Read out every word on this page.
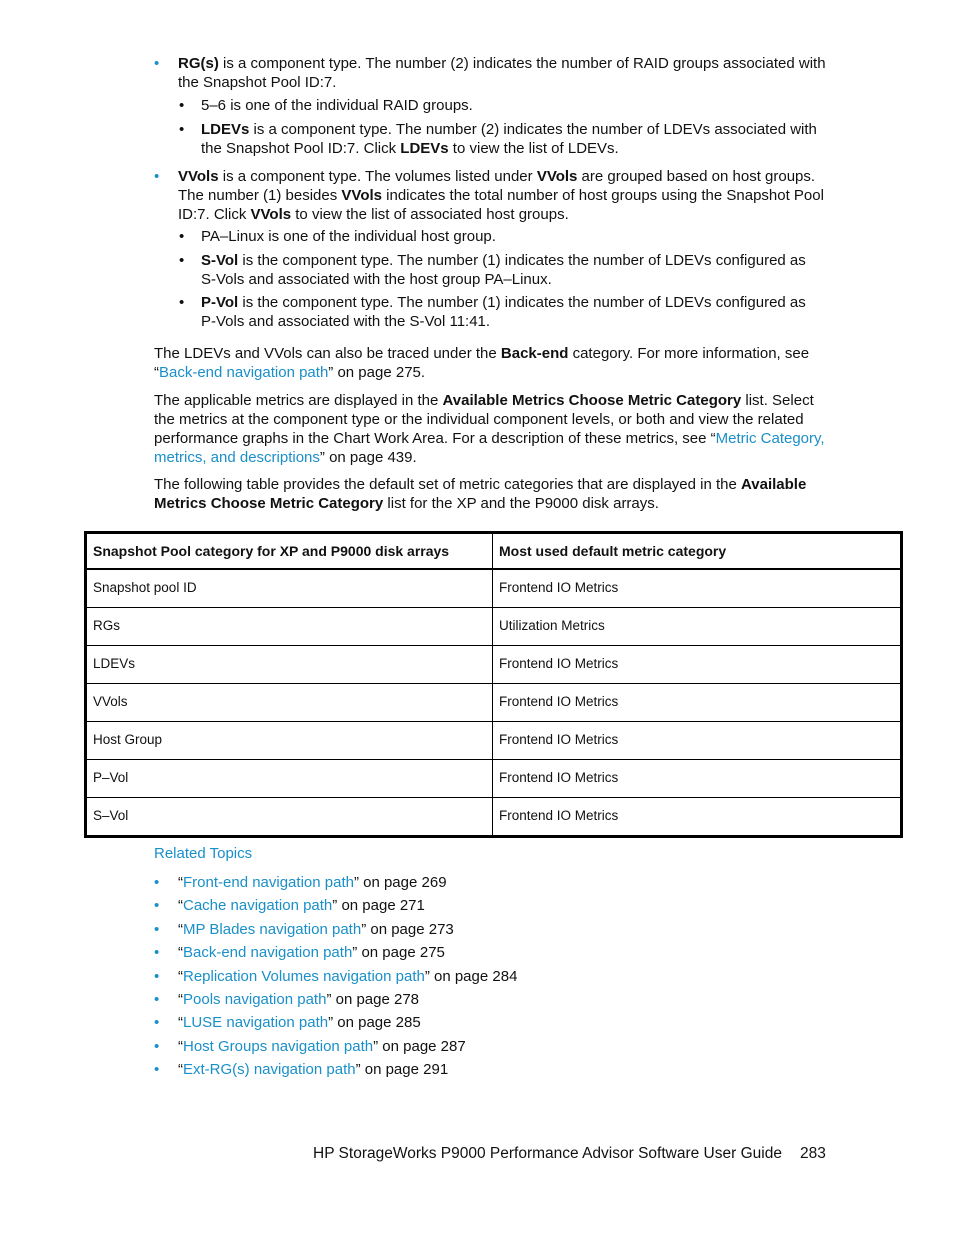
• RG(s) is a component type. The number (2) indicates the number of RAID groups associated with the Snapshot Pool ID:7.
• 5–6 is one of the individual RAID groups.
• LDEVs is a component type. The number (2) indicates the number of LDEVs associated with the Snapshot Pool ID:7. Click LDEVs to view the list of LDEVs.
• VVols is a component type. The volumes listed under VVols are grouped based on host groups. The number (1) besides VVols indicates the total number of host groups using the Snapshot Pool ID:7. Click VVols to view the list of associated host groups.
• PA–Linux is one of the individual host group.
• S-Vol is the component type. The number (1) indicates the number of LDEVs configured as S-Vols and associated with the host group PA–Linux.
• P-Vol is the component type. The number (1) indicates the number of LDEVs configured as P-Vols and associated with the S-Vol 11:41.
The LDEVs and VVols can also be traced under the Back-end category. For more information, see “Back-end navigation path” on page 275.
The applicable metrics are displayed in the Available Metrics Choose Metric Category list. Select the metrics at the component type or the individual component levels, or both and view the related performance graphs in the Chart Work Area. For a description of these metrics, see “Metric Category, metrics, and descriptions” on page 439.
The following table provides the default set of metric categories that are displayed in the Available Metrics Choose Metric Category list for the XP and the P9000 disk arrays.
Snapshot Pool category for XP and P9000 disk arrays	Most used default metric category
Snapshot pool ID	Frontend IO Metrics
RGs	Utilization Metrics
LDEVs	Frontend IO Metrics
VVols	Frontend IO Metrics
Host Group	Frontend IO Metrics
P–Vol	Frontend IO Metrics
S–Vol	Frontend IO Metrics
Related Topics
• “Front-end navigation path” on page 269
• “Cache navigation path” on page 271
• “MP Blades navigation path” on page 273
• “Back-end navigation path” on page 275
• “Replication Volumes navigation path” on page 284
• “Pools navigation path” on page 278
• “LUSE navigation path” on page 285
• “Host Groups navigation path” on page 287
• “Ext-RG(s) navigation path” on page 291
HP StorageWorks P9000 Performance Advisor Software User Guide 283
